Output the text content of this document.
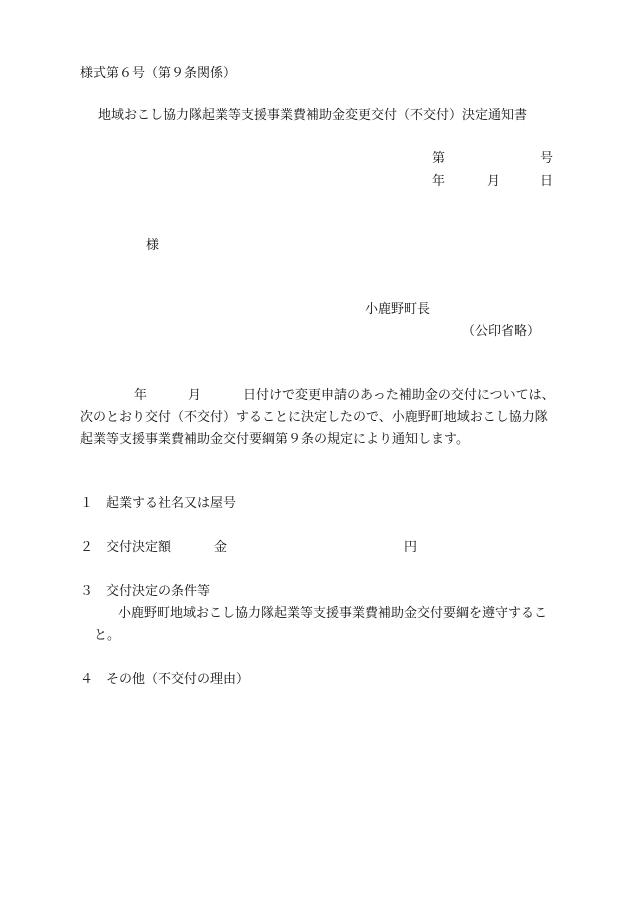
様式第６号（第９条関係）
地域おこし協力隊起業等支援事業費補助金変更交付（不交付）決定通知書
第	号
年	月	日
様
小鹿野町長
（公印省略）
年	月	日付けで変更申請のあった補助金の交付については、
次のとおり交付（不交付）することに決定したので、小鹿野町地域おこし協力隊
起業等支援事業費補助金交付要綱第９条の規定により通知します。
１ 起業する社名又は屋号
２ 交付決定額	金	円
３ 交付決定の条件等
小鹿野町地域おこし協力隊起業等支援事業費補助金交付要綱を遵守するこ
と。
４ その他（不交付の理由）
